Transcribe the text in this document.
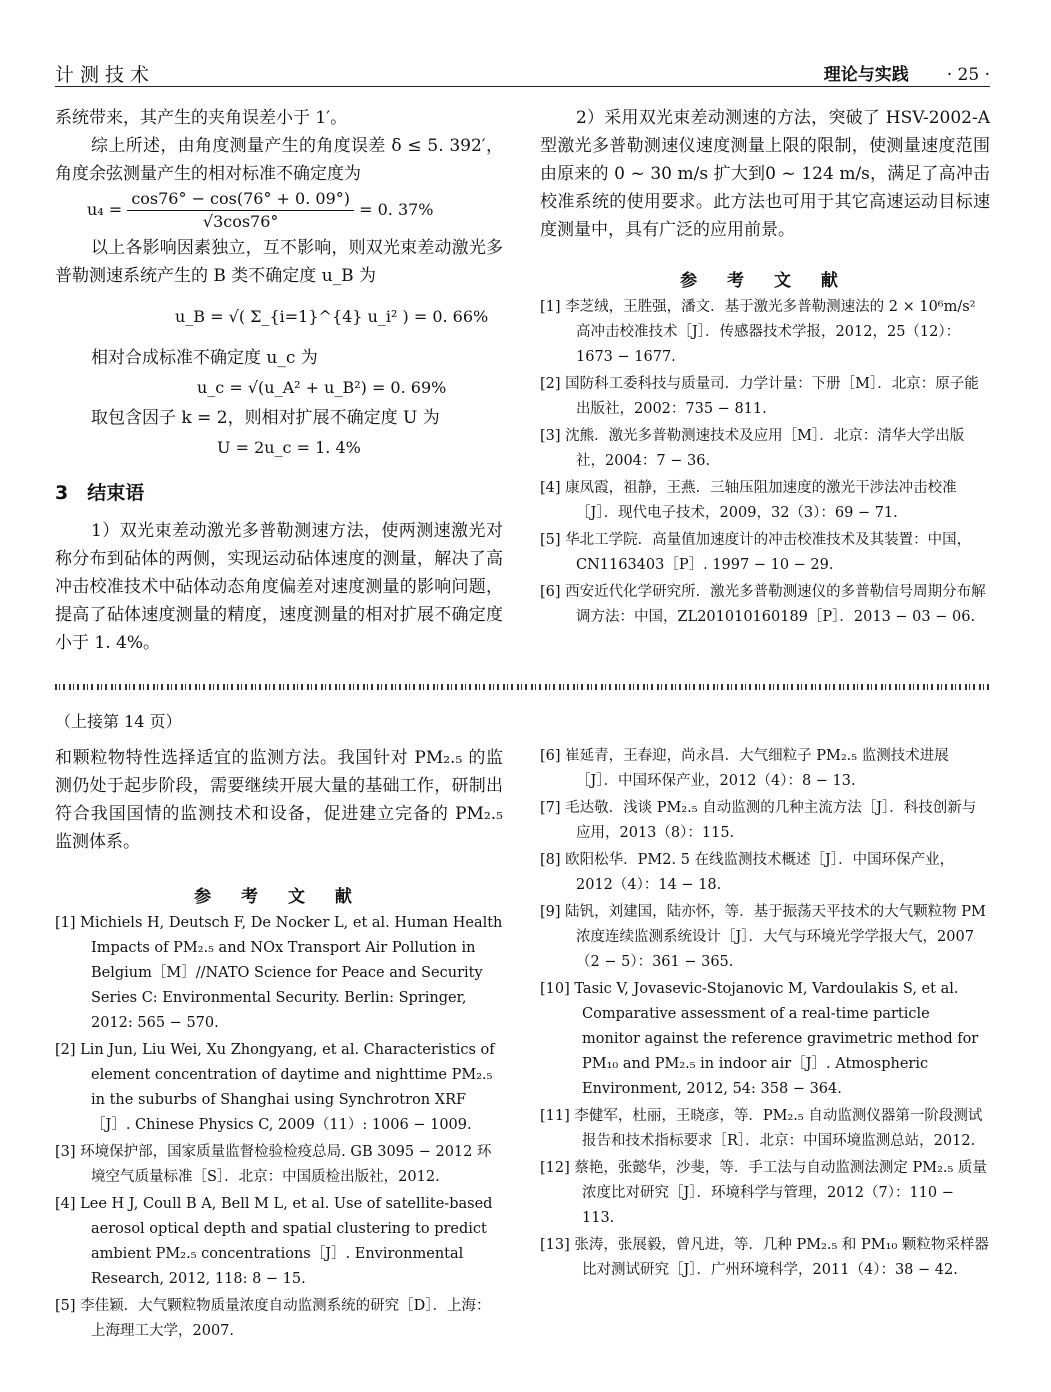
计测技术	理论与实践 · 25 ·

系统带来，其产生的夹角误差小于 1′。

综上所述，由角度测量产生的角度误差 δ ≤ 5. 392′，角度余弦测量产生的相对标准不确定度为

$u_4 = \frac{\cos 76^\circ - \cos(76^\circ + 0. 09^\circ)}{√3\cos 76^\circ} = 0$. 37%

以上各影响因素独立，互不影响，则双光束差动激光多普勒测速系统产生的 B 类不确定度 u_B 为

u_B = √( Σ_{i=1}^{4} u_i² ) = 0. 66%

相对合成标准不确定度 u_c 为

u_c = √(u_A² + u_B²) = 0. 69%

取包含因子 k = 2，则相对扩展不确定度 U 为

U = 2u_c = 1. 4%
3　结束语

1）双光束差动激光多普勒测速方法，使两测速激光对称分布到砧体的两侧，实现运动砧体速度的测量，解决了高冲击校准技术中砧体动态角度偏差对速度测量的影响问题，提高了砧体速度测量的精度，速度测量的相对扩展不确定度小于 1. 4%。

2）采用双光束差动测速的方法，突破了 HSV-2002-A 型激光多普勒测速仪速度测量上限的限制，使测量速度范围由原来的 0 ~ 30 m/s 扩大到0 ~ 124 m/s，满足了高冲击校准系统的使用要求。此方法也可用于其它高速运动目标速度测量中，具有广泛的应用前景。

参 考 文 献

[1] 李芝绒，王胜强，潘文．基于激光多普勒测速法的 2 × 10⁶m/s² 高冲击校准技术［J］．传感器技术学报，2012，25（12）：1673 − 1677.

[2] 国防科工委科技与质量司．力学计量：下册［M］．北京：原子能出版社，2002：735 − 811.

[3] 沈熊．激光多普勒测速技术及应用［M］．北京：清华大学出版社，2004：7 − 36.

[4] 康凤霞，祖静，王燕．三轴压阻加速度的激光干涉法冲击校准［J］．现代电子技术，2009，32（3）：69 − 71.

[5] 华北工学院．高量值加速度计的冲击校准技术及其装置：中国，CN1163403［P］. 1997 − 10 − 29.

[6] 西安近代化学研究所．激光多普勒测速仪的多普勒信号周期分布解调方法：中国，ZL201010160189［P］．2013 − 03 − 06.

（上接第 14 页）

和颗粒物特性选择适宜的监测方法。我国针对 PM₂.₅ 的监测仍处于起步阶段，需要继续开展大量的基础工作，研制出符合我国国情的监测技术和设备，促进建立完备的 PM₂.₅ 监测体系。

参 考 文 献

[1] Michiels H, Deutsch F, De Nocker L, et al. Human Health Impacts of PM₂.₅ and NOx Transport Air Pollution in Belgium［M］//NATO Science for Peace and Security Series C: Environmental Security. Berlin: Springer, 2012: 565 − 570.

[2] Lin Jun, Liu Wei, Xu Zhongyang, et al. Characteristics of element concentration of daytime and nighttime PM₂.₅ in the suburbs of Shanghai using Synchrotron XRF［J］. Chinese Physics C, 2009（11）: 1006 − 1009.

[3] 环境保护部，国家质量监督检验检疫总局. GB 3095 − 2012 环境空气质量标准［S］．北京：中国质检出版社，2012.

[4] Lee H J, Coull B A, Bell M L, et al. Use of satellite-based aerosol optical depth and spatial clustering to predict ambient PM₂.₅ concentrations［J］. Environmental Research, 2012, 118: 8 − 15.

[5] 李佳颖．大气颗粒物质量浓度自动监测系统的研究［D］．上海：上海理工大学，2007.

[6] 崔延青，王春迎，尚永昌．大气细粒子 PM₂.₅ 监测技术进展［J］．中国环保产业，2012（4）：8 − 13.

[7] 毛达敬．浅谈 PM₂.₅ 自动监测的几种主流方法［J］．科技创新与应用，2013（8）：115.

[8] 欧阳松华．PM2. 5 在线监测技术概述［J］．中国环保产业，2012（4）：14 − 18.

[9] 陆钒，刘建国，陆亦怀，等．基于振荡天平技术的大气颗粒物 PM 浓度连续监测系统设计［J］．大气与环境光学学报大气，2007（2 − 5）：361 − 365.

[10] Tasic V, Jovasevic-Stojanovic M, Vardoulakis S, et al. Comparative assessment of a real-time particle monitor against the reference gravimetric method for PM₁₀ and PM₂.₅ in indoor air［J］. Atmospheric Environment, 2012, 54: 358 − 364.

[11] 李健军，杜丽，王晓彦，等．PM₂.₅ 自动监测仪器第一阶段测试报告和技术指标要求［R］．北京：中国环境监测总站，2012.

[12] 蔡艳，张懿华，沙斐，等．手工法与自动监测法测定 PM₂.₅ 质量浓度比对研究［J］．环境科学与管理，2012（7）：110 − 113.

[13] 张涛，张展毅，曾凡进，等．几种 PM₂.₅ 和 PM₁₀ 颗粒物采样器比对测试研究［J］．广州环境科学，2011（4）：38 − 42.
